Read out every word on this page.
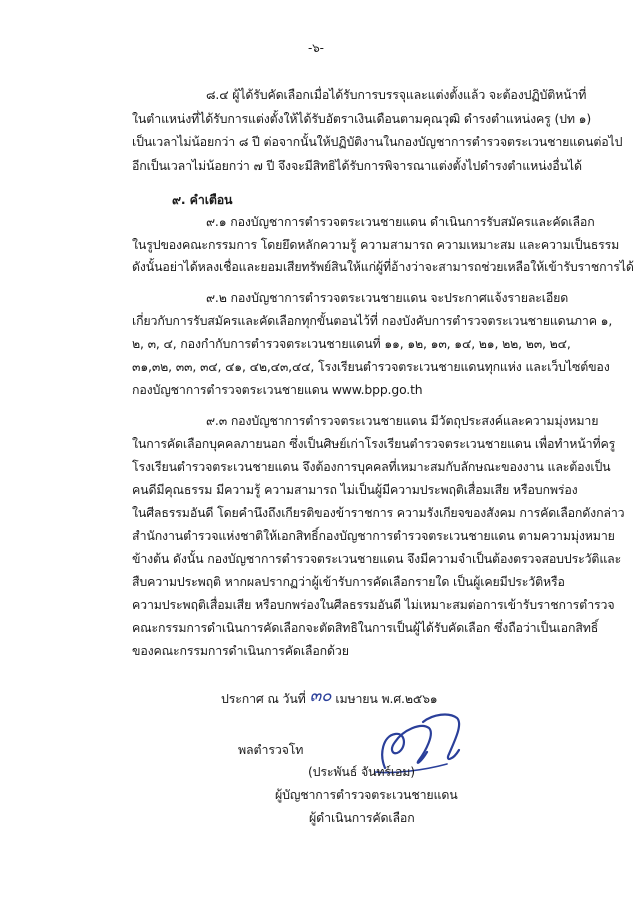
-๖-
๘.๔ ผู้ได้รับคัดเลือกเมื่อได้รับการบรรจุและแต่งตั้งแล้ว จะต้องปฏิบัติหน้าที่
ในตำแหน่งที่ได้รับการแต่งตั้งให้ได้รับอัตราเงินเดือนตามคุณวุฒิ ดำรงตำแหน่งครู (ปท ๑)
เป็นเวลาไม่น้อยกว่า ๘ ปี ต่อจากนั้นให้ปฏิบัติงานในกองบัญชาการตำรวจตระเวนชายแดนต่อไป
อีกเป็นเวลาไม่น้อยกว่า ๗ ปี จึงจะมีสิทธิได้รับการพิจารณาแต่งตั้งไปดำรงตำแหน่งอื่นได้
๙. คำเตือน
๙.๑ กองบัญชาการตำรวจตระเวนชายแดน ดำเนินการรับสมัครและคัดเลือก
ในรูปของคณะกรรมการ โดยยึดหลักความรู้ ความสามารถ ความเหมาะสม และความเป็นธรรม
ดังนั้นอย่าได้หลงเชื่อและยอมเสียทรัพย์สินให้แก่ผู้ที่อ้างว่าจะสามารถช่วยเหลือให้เข้ารับราชการได้
๙.๒ กองบัญชาการตำรวจตระเวนชายแดน จะประกาศแจ้งรายละเอียด
เกี่ยวกับการรับสมัครและคัดเลือกทุกขั้นตอนไว้ที่ กองบังคับการตำรวจตระเวนชายแดนภาค ๑,
๒, ๓, ๔, กองกำกับการตำรวจตระเวนชายแดนที่ ๑๑, ๑๒, ๑๓, ๑๔, ๒๑, ๒๒, ๒๓, ๒๔,
๓๑,๓๒, ๓๓, ๓๔, ๔๑, ๔๒,๔๓,๔๔, โรงเรียนตำรวจตระเวนชายแดนทุกแห่ง และเว็บไซต์ของ
กองบัญชาการตำรวจตระเวนชายแดน www.bpp.go.th
๙.๓ กองบัญชาการตำรวจตระเวนชายแดน มีวัตถุประสงค์และความมุ่งหมาย
ในการคัดเลือกบุคคลภายนอก ซึ่งเป็นศิษย์เก่าโรงเรียนตำรวจตระเวนชายแดน เพื่อทำหน้าที่ครู
โรงเรียนตำรวจตระเวนชายแดน จึงต้องการบุคคลที่เหมาะสมกับลักษณะของงาน และต้องเป็น
คนดีมีคุณธรรม มีความรู้ ความสามารถ ไม่เป็นผู้มีความประพฤติเสื่อมเสีย หรือบกพร่อง
ในศีลธรรมอันดี โดยคำนึงถึงเกียรติของข้าราชการ ความรังเกียจของสังคม การคัดเลือกดังกล่าว
สำนักงานตำรวจแห่งชาติให้เอกสิทธิ์กองบัญชาการตำรวจตระเวนชายแดน ตามความมุ่งหมาย
ข้างต้น ดังนั้น กองบัญชาการตำรวจตระเวนชายแดน จึงมีความจำเป็นต้องตรวจสอบประวัติและ
สืบความประพฤติ หากผลปรากฏว่าผู้เข้ารับการคัดเลือกรายใด เป็นผู้เคยมีประวัติหรือ
ความประพฤติเสื่อมเสีย หรือบกพร่องในศีลธรรมอันดี ไม่เหมาะสมต่อการเข้ารับราชการตำรวจ
คณะกรรมการดำเนินการคัดเลือกจะตัดสิทธิในการเป็นผู้ได้รับคัดเลือก ซึ่งถือว่าเป็นเอกสิทธิ์
ของคณะกรรมการดำเนินการคัดเลือกด้วย
ประกาศ ณ วันที่ ๓๐ เมษายน พ.ศ.๒๕๖๑
พลตำรวจโท
(ประพันธ์ จันทร์เอม)
ผู้บัญชาการตำรวจตระเวนชายแดน
ผู้ดำเนินการคัดเลือก
